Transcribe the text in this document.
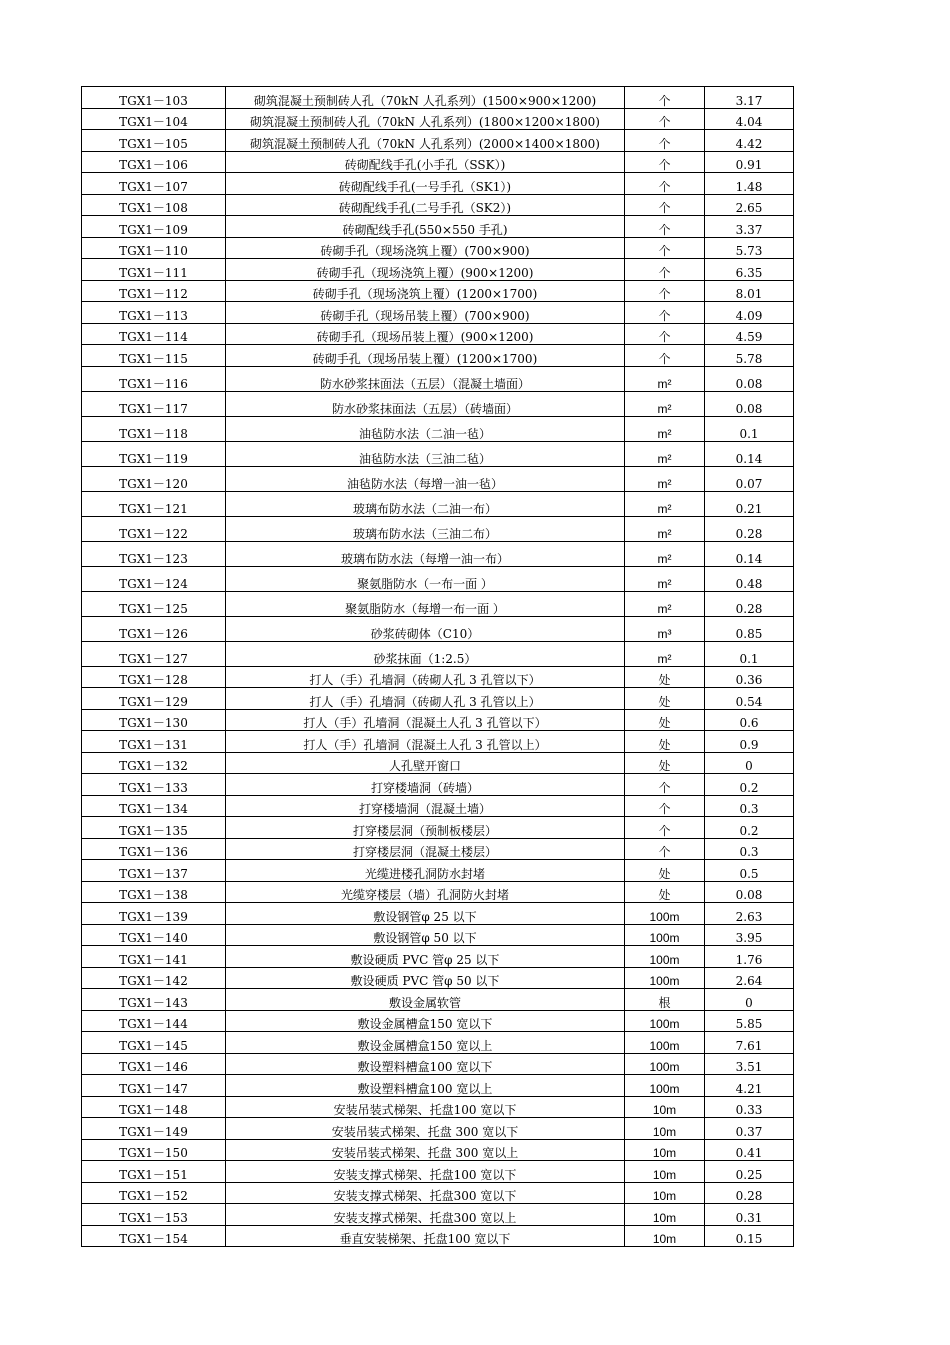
TGX1－103	砌筑混凝土预制砖人孔（70kN 人孔系列）(1500×900×1200)	个	3.17
TGX1－104	砌筑混凝土预制砖人孔（70kN 人孔系列）(1800×1200×1800)	个	4.04
TGX1－105	砌筑混凝土预制砖人孔（70kN 人孔系列）(2000×1400×1800)	个	4.42
TGX1－106	砖砌配线手孔(小手孔（SSK）)	个	0.91
TGX1－107	砖砌配线手孔(一号手孔（SK1）)	个	1.48
TGX1－108	砖砌配线手孔(二号手孔（SK2）)	个	2.65
TGX1－109	砖砌配线手孔(550×550 手孔)	个	3.37
TGX1－110	砖砌手孔（现场浇筑上覆）(700×900)	个	5.73
TGX1－111	砖砌手孔（现场浇筑上覆）(900×1200)	个	6.35
TGX1－112	砖砌手孔（现场浇筑上覆）(1200×1700)	个	8.01
TGX1－113	砖砌手孔（现场吊装上覆）(700×900)	个	4.09
TGX1－114	砖砌手孔（现场吊装上覆）(900×1200)	个	4.59
TGX1－115	砖砌手孔（现场吊装上覆）(1200×1700)	个	5.78
TGX1－116	防水砂浆抹面法（五层）（混凝土墙面）	m²	0.08
TGX1－117	防水砂浆抹面法（五层）（砖墙面）	m²	0.08
TGX1－118	油毡防水法（二油一毡）	m²	0.1
TGX1－119	油毡防水法（三油二毡）	m²	0.14
TGX1－120	油毡防水法（每增一油一毡）	m²	0.07
TGX1－121	玻璃布防水法（二油一布）	m²	0.21
TGX1－122	玻璃布防水法（三油二布）	m²	0.28
TGX1－123	玻璃布防水法（每增一油一布）	m²	0.14
TGX1－124	聚氨脂防水（一布一面 ）	m²	0.48
TGX1－125	聚氨脂防水（每增一布一面 ）	m²	0.28
TGX1－126	砂浆砖砌体（C10）	m³	0.85
TGX1－127	砂浆抹面（1:2.5）	m²	0.1
TGX1－128	打人（手）孔墙洞（砖砌人孔 3 孔管以下）	处	0.36
TGX1－129	打人（手）孔墙洞（砖砌人孔 3 孔管以上）	处	0.54
TGX1－130	打人（手）孔墙洞（混凝土人孔 3 孔管以下）	处	0.6
TGX1－131	打人（手）孔墙洞（混凝土人孔 3 孔管以上）	处	0.9
TGX1－132	人孔壁开窗口	处	0
TGX1－133	打穿楼墙洞（砖墙）	个	0.2
TGX1－134	打穿楼墙洞（混凝土墙）	个	0.3
TGX1－135	打穿楼层洞（预制板楼层）	个	0.2
TGX1－136	打穿楼层洞（混凝土楼层）	个	0.3
TGX1－137	光缆进楼孔洞防水封堵	处	0.5
TGX1－138	光缆穿楼层（墙）孔洞防火封堵	处	0.08
TGX1－139	敷设钢管φ 25 以下	100m	2.63
TGX1－140	敷设钢管φ 50 以下	100m	3.95
TGX1－141	敷设硬质 PVC 管φ 25 以下	100m	1.76
TGX1－142	敷设硬质 PVC 管φ 50 以下	100m	2.64
TGX1－143	敷设金属软管	根	0
TGX1－144	敷设金属槽盒150 宽以下	100m	5.85
TGX1－145	敷设金属槽盒150 宽以上	100m	7.61
TGX1－146	敷设塑料槽盒100 宽以下	100m	3.51
TGX1－147	敷设塑料槽盒100 宽以上	100m	4.21
TGX1－148	安装吊装式梯架、托盘100 宽以下	10m	0.33
TGX1－149	安装吊装式梯架、托盘 300 宽以下	10m	0.37
TGX1－150	安装吊装式梯架、托盘 300 宽以上	10m	0.41
TGX1－151	安装支撑式梯架、托盘100 宽以下	10m	0.25
TGX1－152	安装支撑式梯架、托盘300 宽以下	10m	0.28
TGX1－153	安装支撑式梯架、托盘300 宽以上	10m	0.31
TGX1－154	垂直安装梯架、托盘100 宽以下	10m	0.15
